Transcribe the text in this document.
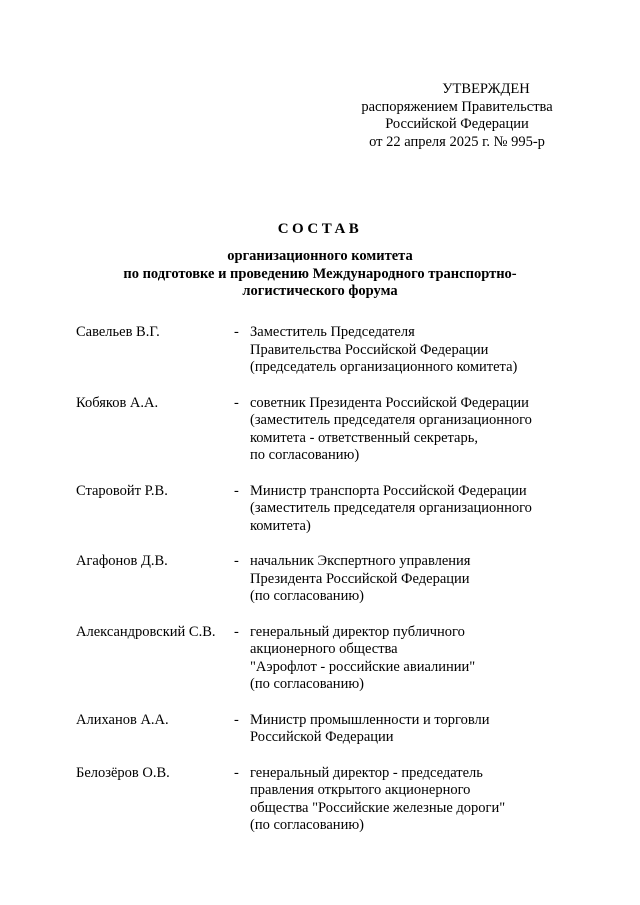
УТВЕРЖДЕН
распоряжением Правительства
Российской Федерации
от 22 апреля 2025 г. № 995-р
СОСТАВ
организационного комитета
по подготовке и проведению Международного транспортно-
логистического форума
Савельев В.Г.	- Заместитель Председателя
Правительства Российской Федерации
(председатель организационного комитета)
Кобяков А.А.	- советник Президента Российской Федерации
(заместитель председателя организационного
комитета - ответственный секретарь,
по согласованию)
Старовойт Р.В.	- Министр транспорта Российской Федерации
(заместитель председателя организационного
комитета)
Агафонов Д.В.	- начальник Экспертного управления
Президента Российской Федерации
(по согласованию)
Александровский С.В.	- генеральный директор публичного
акционерного общества
"Аэрофлот - российские авиалинии"
(по согласованию)
Алиханов А.А.	- Министр промышленности и торговли
Российской Федерации
Белозёров О.В.	- генеральный директор - председатель
правления открытого акционерного
общества "Российские железные дороги"
(по согласованию)
